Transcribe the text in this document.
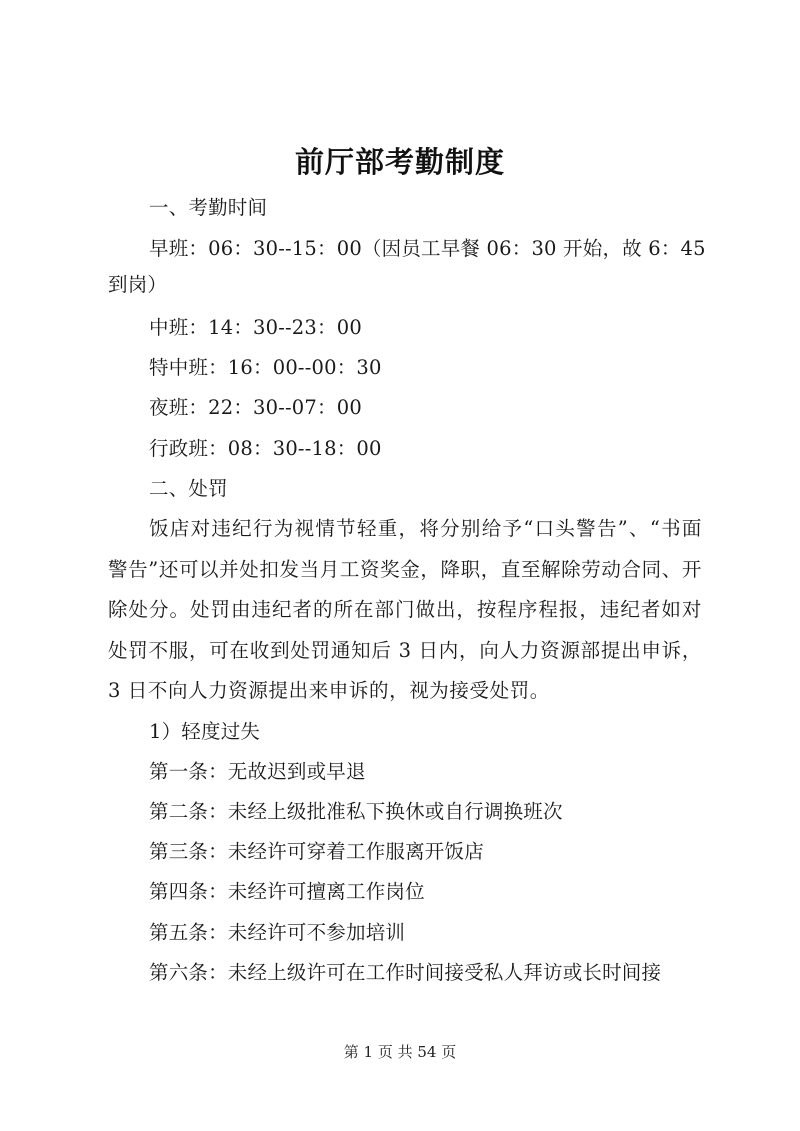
前厅部考勤制度
一、考勤时间
早班：06：30--15：00（因员工早餐 06：30 开始，故 6：45
到岗）
中班：14：30--23：00
特中班：16：00--00：30
夜班：22：30--07：00
行政班：08：30--18：00
二、处罚
饭店对违纪行为视情节轻重，将分别给予“口头警告”、“书面警告”还可以并处扣发当月工资奖金，降职，直至解除劳动合同、开除处分。处罚由违纪者的所在部门做出，按程序程报，违纪者如对处罚不服，可在收到处罚通知后 3 日内，向人力资源部提出申诉，3 日不向人力资源提出来申诉的，视为接受处罚。
1）轻度过失
第一条：无故迟到或早退
第二条：未经上级批准私下换休或自行调换班次
第三条：未经许可穿着工作服离开饭店
第四条：未经许可擅离工作岗位
第五条：未经许可不参加培训
第六条：未经上级许可在工作时间接受私人拜访或长时间接
第 1 页 共 54 页
